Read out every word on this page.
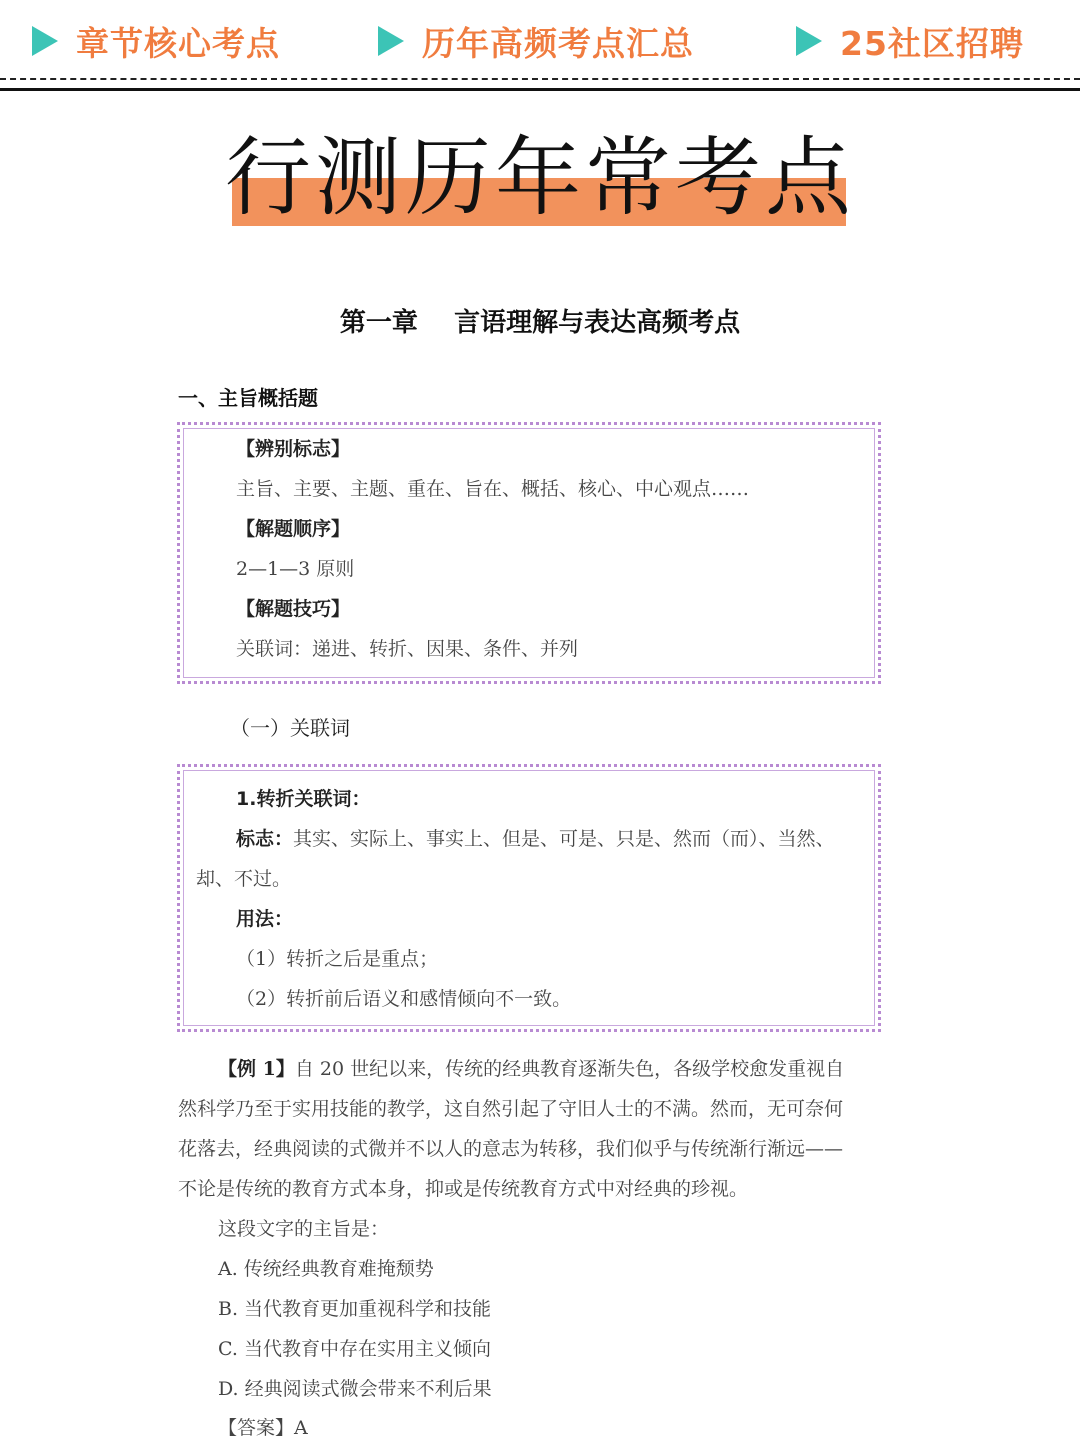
章节核心考点	历年高频考点汇总	25社区招聘
行测历年常考点
第一章    言语理解与表达高频考点
一、主旨概括题
【辨别标志】
主旨、主要、主题、重在、旨在、概括、核心、中心观点……
【解题顺序】
2—1—3 原则
【解题技巧】
关联词：递进、转折、因果、条件、并列
（一）关联词
1.转折关联词：
标志：其实、实际上、事实上、但是、可是、只是、然而（而）、当然、
却、不过。
用法：
（1）转折之后是重点；
（2）转折前后语义和感情倾向不一致。
【例 1】自 20 世纪以来，传统的经典教育逐渐失色，各级学校愈发重视自
然科学乃至于实用技能的教学，这自然引起了守旧人士的不满。然而，无可奈何
花落去，经典阅读的式微并不以人的意志为转移，我们似乎与传统渐行渐远——
不论是传统的教育方式本身，抑或是传统教育方式中对经典的珍视。
这段文字的主旨是：
A. 传统经典教育难掩颓势
B. 当代教育更加重视科学和技能
C. 当代教育中存在实用主义倾向
D. 经典阅读式微会带来不利后果
【答案】A
